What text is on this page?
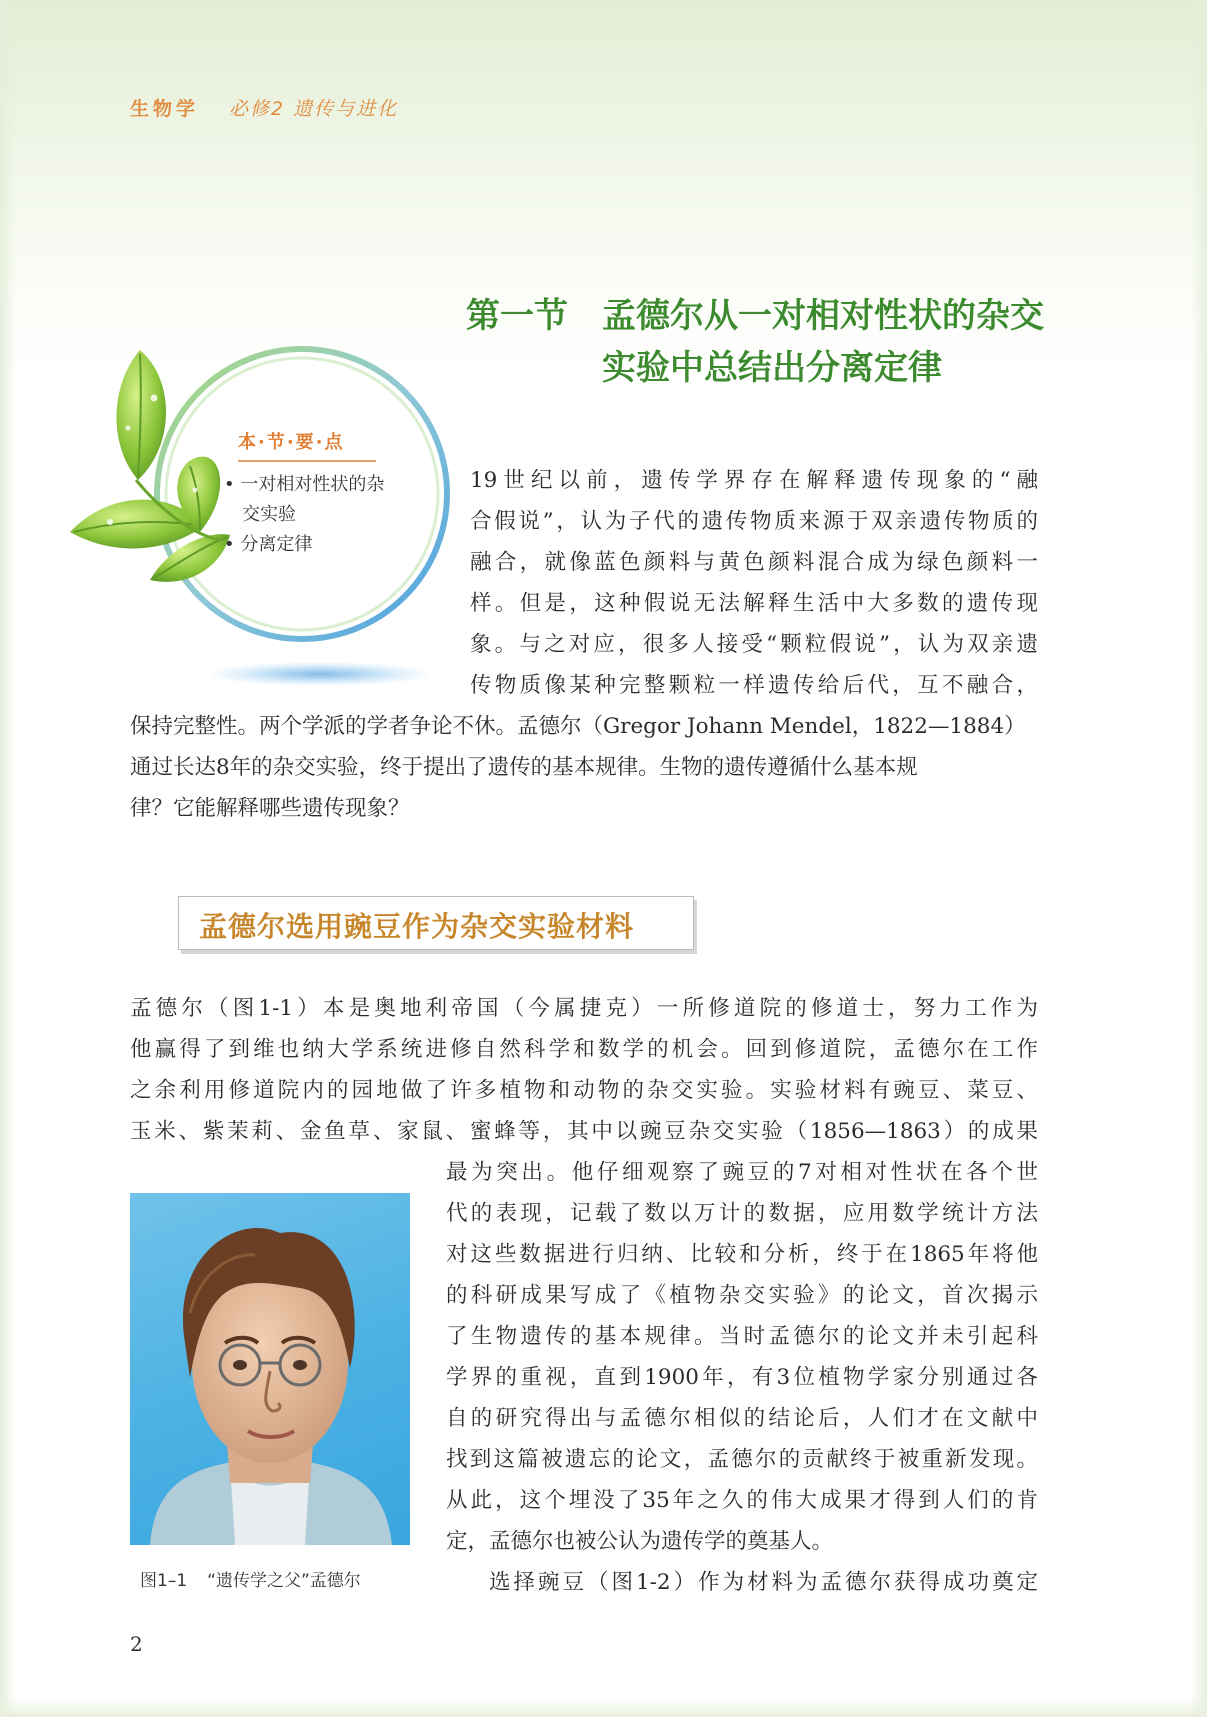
生物学 必修2 遗传与进化
第一节 孟德尔从一对相对性状的杂交
实验中总结出分离定律
本·节·要·点
• 一对相对性状的杂交实验
• 分离定律
19世纪以前，遗传学界存在解释遗传现象的“融
合假说”，认为子代的遗传物质来源于双亲遗传物质的
融合，就像蓝色颜料与黄色颜料混合成为绿色颜料一
样。但是，这种假说无法解释生活中大多数的遗传现
象。与之对应，很多人接受“颗粒假说”，认为双亲遗
传物质像某种完整颗粒一样遗传给后代，互不融合，
保持完整性。两个学派的学者争论不休。孟德尔（Gregor Johann Mendel，1822—1884）
通过长达8年的杂交实验，终于提出了遗传的基本规律。生物的遗传遵循什么基本规
律？它能解释哪些遗传现象？
孟德尔选用豌豆作为杂交实验材料
孟德尔（图1-1）本是奥地利帝国（今属捷克）一所修道院的修道士，努力工作为
他赢得了到维也纳大学系统进修自然科学和数学的机会。回到修道院，孟德尔在工作
之余利用修道院内的园地做了许多植物和动物的杂交实验。实验材料有豌豆、菜豆、
玉米、紫茉莉、金鱼草、家鼠、蜜蜂等，其中以豌豆杂交实验（1856—1863）的成果
图1–1 “遗传学之父”孟德尔
最为突出。他仔细观察了豌豆的7对相对性状在各个世
代的表现，记载了数以万计的数据，应用数学统计方法
对这些数据进行归纳、比较和分析，终于在1865年将他
的科研成果写成了《植物杂交实验》的论文，首次揭示
了生物遗传的基本规律。当时孟德尔的论文并未引起科
学界的重视，直到1900年，有3位植物学家分别通过各
自的研究得出与孟德尔相似的结论后，人们才在文献中
找到这篇被遗忘的论文，孟德尔的贡献终于被重新发现。
从此，这个埋没了35年之久的伟大成果才得到人们的肯
定，孟德尔也被公认为遗传学的奠基人。
选择豌豆（图1-2）作为材料为孟德尔获得成功奠定
2
